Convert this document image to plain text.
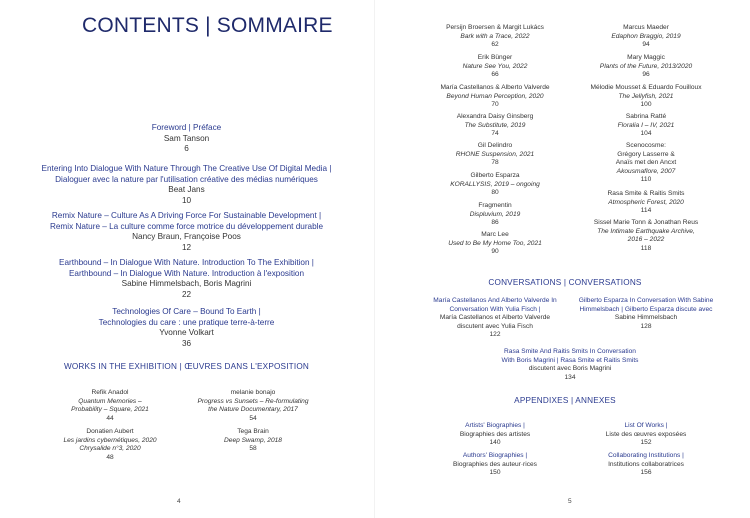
CONTENTS | SOMMAIRE
Foreword | Préface
Sam Tanson
6
Entering Into Dialogue With Nature Through The Creative Use Of Digital Media |
Dialoguer avec la nature par l'utilisation créative des médias numériques
Beat Jans
10
Remix Nature – Culture As A Driving Force For Sustainable Development |
Remix Nature – La culture comme force motrice du développement durable
Nancy Braun, Françoise Poos
12
Earthbound – In Dialogue With Nature. Introduction To The Exhibition |
Earthbound – In Dialogue With Nature. Introduction à l'exposition
Sabine Himmelsbach, Boris Magrini
22
Technologies Of Care – Bound To Earth |
Technologies du care : une pratique terre-à-terre
Yvonne Volkart
36
WORKS IN THE EXHIBITION | ŒUVRES DANS L'EXPOSITION
Refik Anadol
Quantum Memories –
Probability – Square, 2021
44
Donatien Aubert
Les jardins cybernétiques, 2020
Chrysalide n°3, 2020
48
melanie bonajo
Progress vs Sunsets – Re-formulating
the Nature Documentary, 2017
54
Tega Brain
Deep Swamp, 2018
58
4
Persijn Broersen & Margit Lukács
Bark with a Trace, 2022
62
Erik Bünger
Nature See You, 2022
66
María Castellanos & Alberto Valverde
Beyond Human Perception, 2020
70
Alexandra Daisy Ginsberg
The Substitute, 2019
74
Gil Delindro
RHONE Suspension, 2021
78
Gilberto Esparza
KORALLYSIS, 2019 – ongoing
80
Fragmentin
Displuvium, 2019
86
Marc Lee
Used to Be My Home Too, 2021
90
Marcus Maeder
Edaphon Braggio, 2019
94
Mary Maggic
Plants of the Future, 2013/2020
96
Mélodie Mousset & Eduardo Fouilloux
The Jellyfish, 2021
100
Sabrina Ratté
Floralia I – IV, 2021
104
Scenocosme:
Grégory Lasserre &
Anaïs met den Ancxt
Akousmaflore, 2007
110
Rasa Smite & Raitis Smits
Atmospheric Forest, 2020
114
Sissel Marie Tonn & Jonathan Reus
The Intimate Earthquake Archive,
2016 – 2022
118
CONVERSATIONS | CONVERSATIONS
María Castellanos And Alberto Valverde In
Conversation With Yulia Fisch |
María Castellanos et Alberto Valverde
discutent avec Yulia Fisch
122
Gilberto Esparza In Conversation With Sabine
Himmelsbach | Gilberto Esparza discute avec
Sabine Himmelsbach
128
Rasa Smite And Raitis Smits In Conversation
With Boris Magrini | Rasa Smite et Raitis Smits
discutent avec Boris Magrini
134
APPENDIXES | ANNEXES
Artists' Biographies |
Biographies des artistes
140
List Of Works |
Liste des œuvres exposées
152
Authors' Biographies |
Biographies des auteur·rices
150
Collaborating Institutions |
Institutions collaboratrices
156
5
